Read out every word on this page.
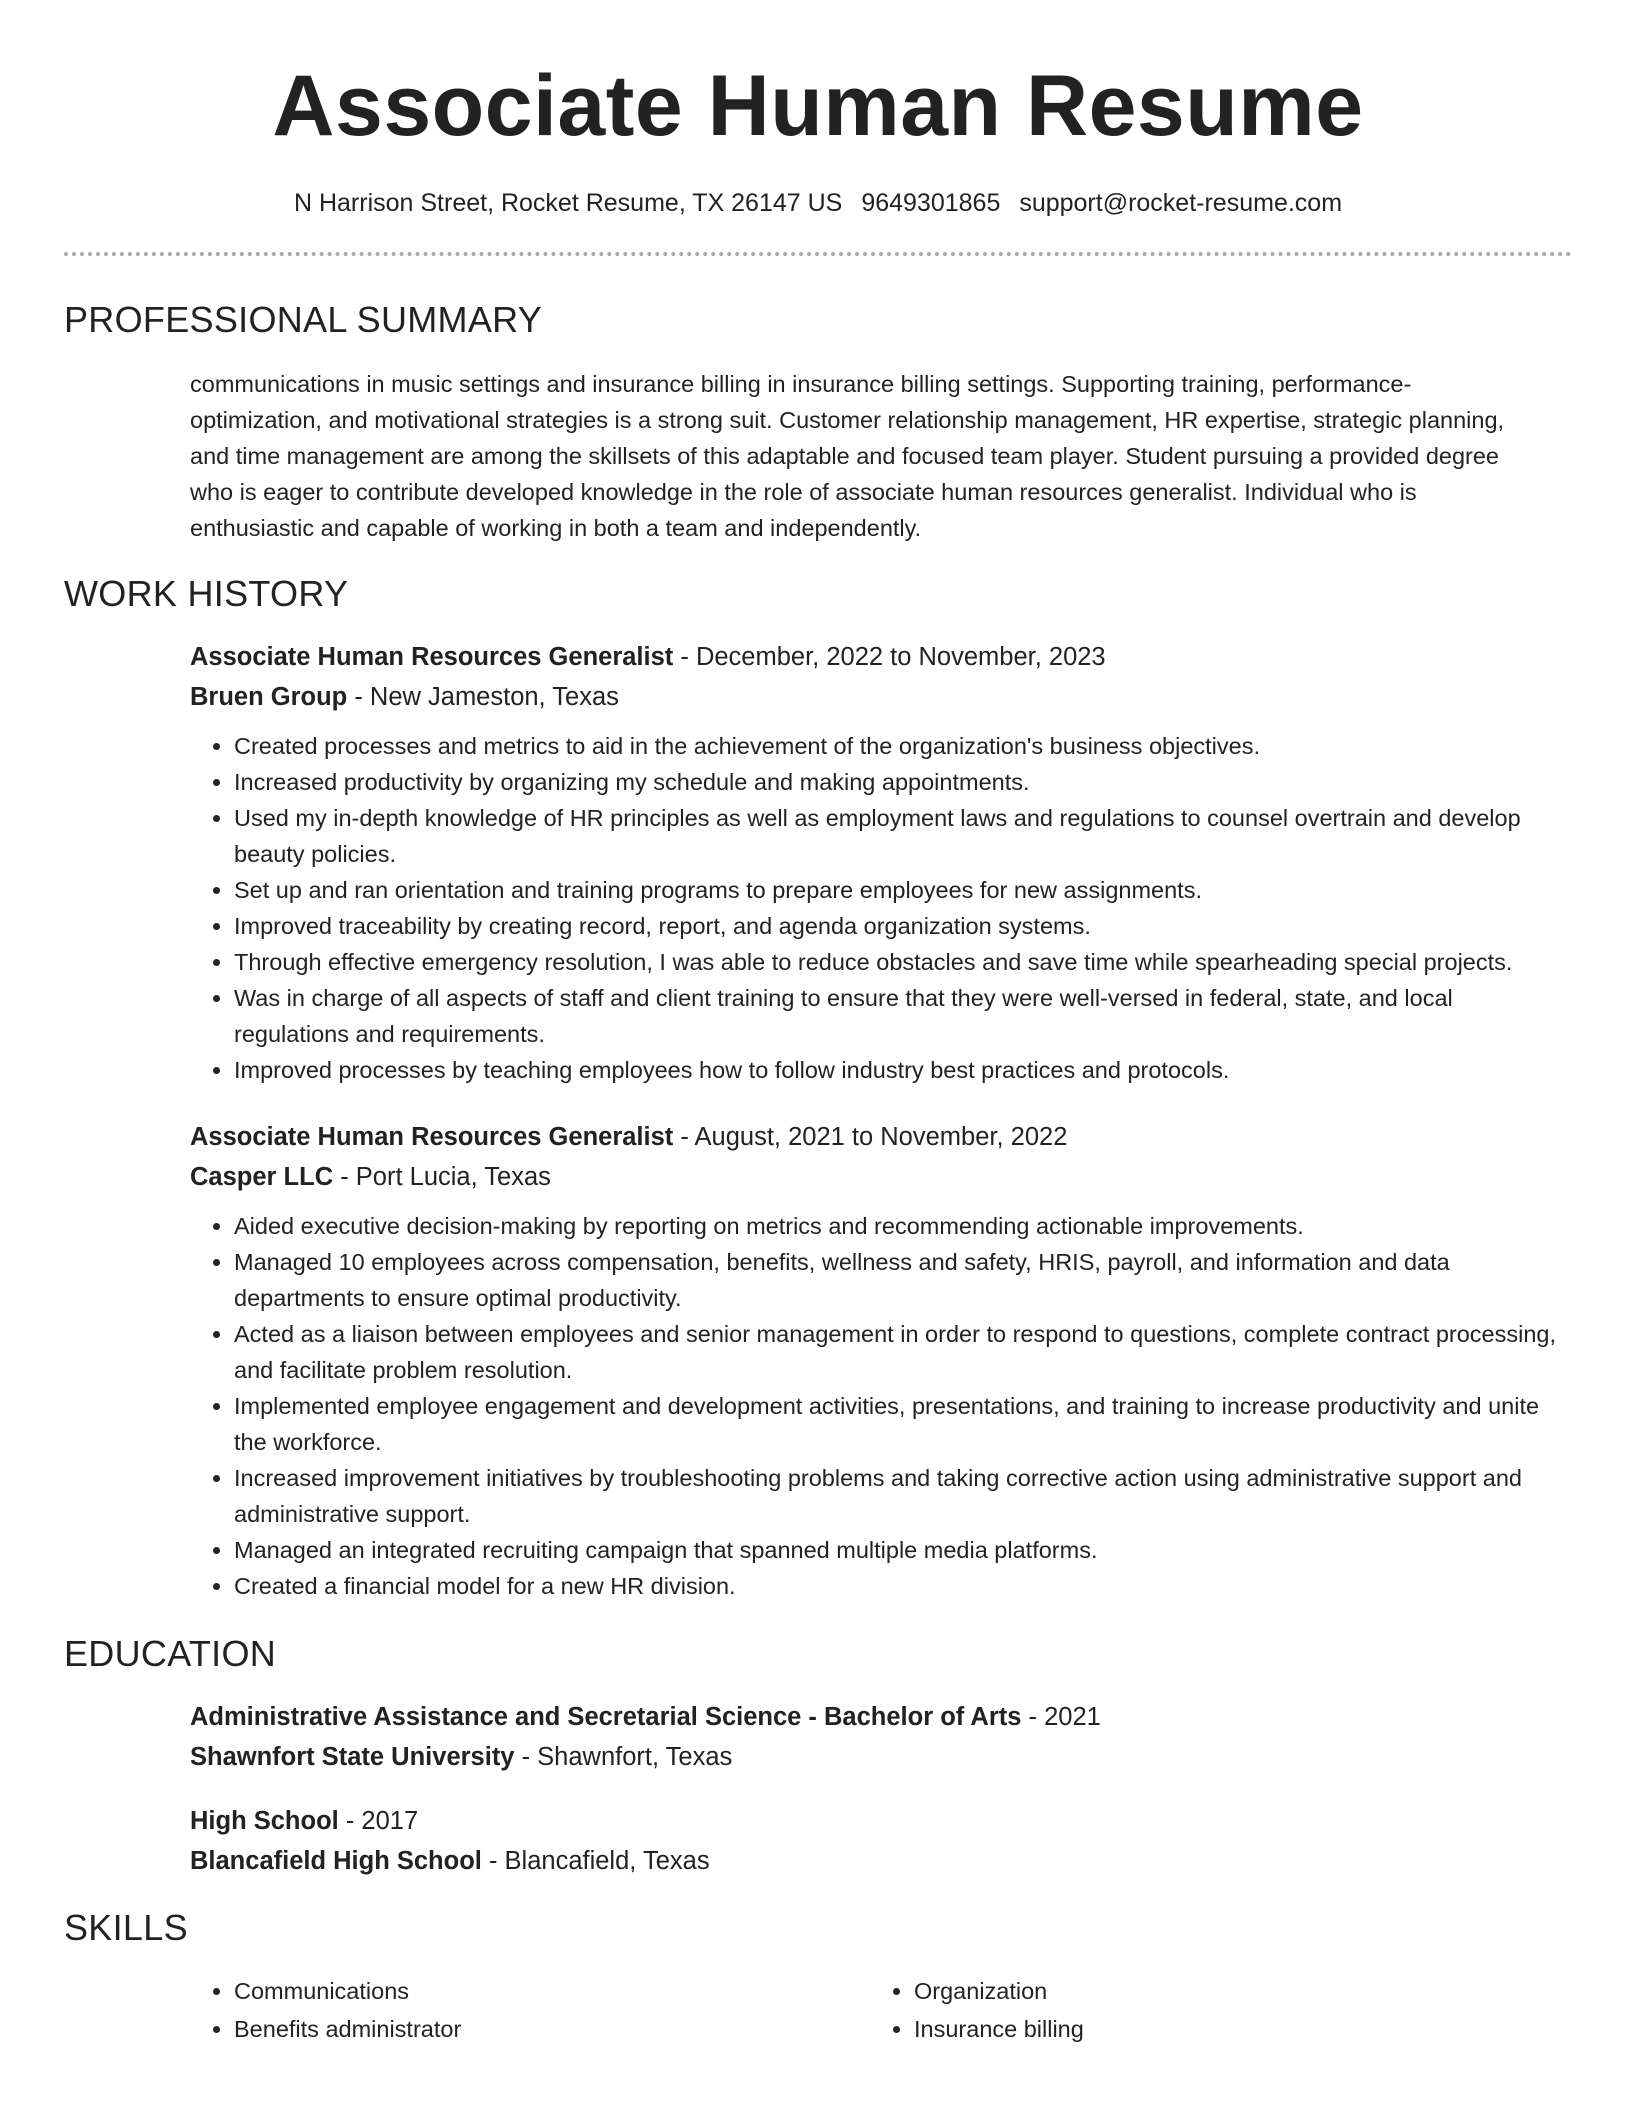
Associate Human Resume
N Harrison Street, Rocket Resume, TX 26147 US 9649301865 support@rocket-resume.com
PROFESSIONAL SUMMARY
communications in music settings and insurance billing in insurance billing settings. Supporting training, performance-optimization, and motivational strategies is a strong suit. Customer relationship management, HR expertise, strategic planning, and time management are among the skillsets of this adaptable and focused team player. Student pursuing a provided degree who is eager to contribute developed knowledge in the role of associate human resources generalist. Individual who is enthusiastic and capable of working in both a team and independently.
WORK HISTORY
Associate Human Resources Generalist - December, 2022 to November, 2023
Bruen Group - New Jameston, Texas
• Created processes and metrics to aid in the achievement of the organization's business objectives.
• Increased productivity by organizing my schedule and making appointments.
• Used my in-depth knowledge of HR principles as well as employment laws and regulations to counsel overtrain and develop beauty policies.
• Set up and ran orientation and training programs to prepare employees for new assignments.
• Improved traceability by creating record, report, and agenda organization systems.
• Through effective emergency resolution, I was able to reduce obstacles and save time while spearheading special projects.
• Was in charge of all aspects of staff and client training to ensure that they were well-versed in federal, state, and local regulations and requirements.
• Improved processes by teaching employees how to follow industry best practices and protocols.
Associate Human Resources Generalist - August, 2021 to November, 2022
Casper LLC - Port Lucia, Texas
• Aided executive decision-making by reporting on metrics and recommending actionable improvements.
• Managed 10 employees across compensation, benefits, wellness and safety, HRIS, payroll, and information and data departments to ensure optimal productivity.
• Acted as a liaison between employees and senior management in order to respond to questions, complete contract processing, and facilitate problem resolution.
• Implemented employee engagement and development activities, presentations, and training to increase productivity and unite the workforce.
• Increased improvement initiatives by troubleshooting problems and taking corrective action using administrative support and administrative support.
• Managed an integrated recruiting campaign that spanned multiple media platforms.
• Created a financial model for a new HR division.
EDUCATION
Administrative Assistance and Secretarial Science - Bachelor of Arts - 2021
Shawnfort State University - Shawnfort, Texas
High School - 2017
Blancafield High School - Blancafield, Texas
SKILLS
• Communications
• Benefits administrator
• Organization
• Insurance billing
